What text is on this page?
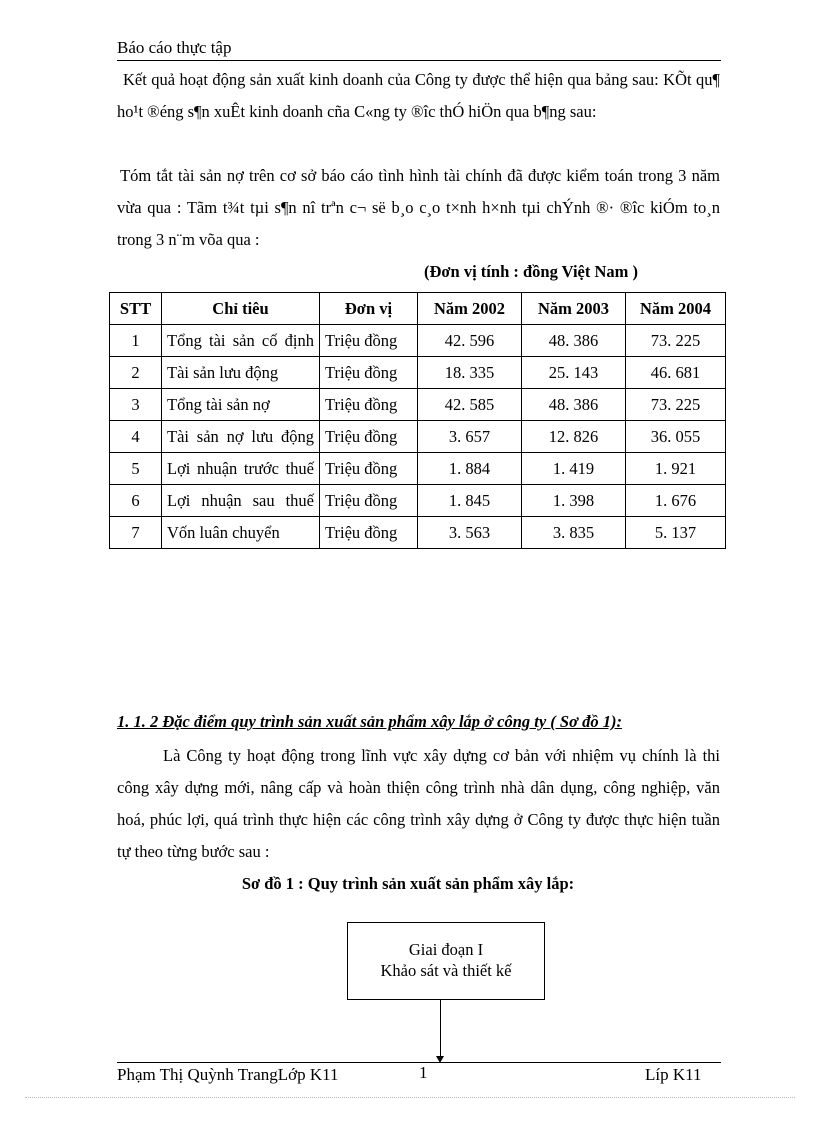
Báo cáo thực tập
Kết quả hoạt động sản xuất kinh doanh của Công ty được thể hiện qua bảng sau: KÕt qu¶ ho¹t ®éng s¶n xuÊt kinh doanh cña C«ng ty ®îc thÓ hiÖn qua b¶ng sau:
Tóm tắt tài sản nợ trên cơ sở báo cáo tình hình tài chính đã được kiểm toán trong 3 năm vừa qua : Tãm t¾t tµi s¶n nî trªn c¬ së b¸o c¸o t×nh h×nh tµi chÝnh ®· ®îc kiÓm to¸n trong 3 n¨m võa qua :
(Đơn vị tính : đồng Việt Nam )
STT	Chỉ tiêu	Đơn vị	Năm 2002	Năm 2003	Năm 2004
1	Tổng tài sản cố định	Triệu đồng	42. 596	48. 386	73. 225
2	Tài sản lưu động	Triệu đồng	18. 335	25. 143	46. 681
3	Tổng tài sản nợ	Triệu đồng	42. 585	48. 386	73. 225
4	Tài sản nợ lưu động	Triệu đồng	3. 657	12. 826	36. 055
5	Lợi nhuận trước thuế	Triệu đồng	1. 884	1. 419	1. 921
6	Lợi nhuận sau thuế	Triệu đồng	1. 845	1. 398	1. 676
7	Vốn luân chuyển	Triệu đồng	3. 563	3. 835	5. 137
1. 1. 2 Đặc điểm quy trình sản xuất sản phẩm xây lắp ở công ty ( Sơ đồ 1):
Là Công ty hoạt động trong lĩnh vực xây dựng cơ bản với nhiệm vụ chính là thi công xây dựng mới, nâng cấp và hoàn thiện công trình nhà dân dụng, công nghiệp, văn hoá, phúc lợi, quá trình thực hiện các công trình xây dựng ở Công ty được thực hiện tuần tự theo từng bước sau :
Sơ đồ 1 : Quy trình sản xuất sản phẩm xây lắp:
Giai đoạn I
Khảo sát và thiết kế
Phạm Thị Quỳnh TrangLớp K11	1	Líp K11
